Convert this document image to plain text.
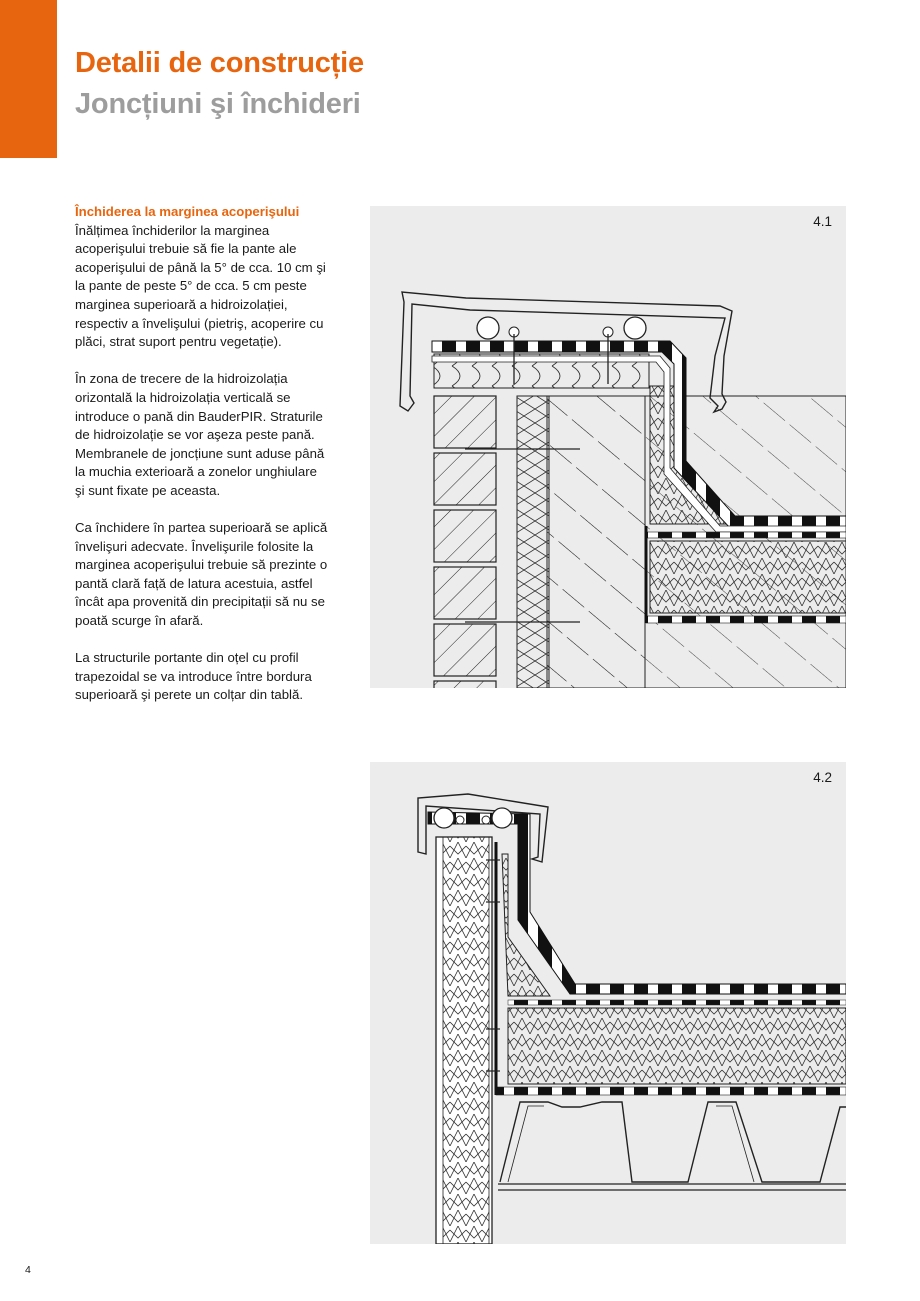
Detalii de construcție
Joncțiuni şi închideri

Închiderea la marginea acoperişului
Înălțimea închiderilor la marginea acoperişului trebuie să fie la pante ale acoperişului de până la 5° de cca. 10 cm şi la pante de peste 5° de cca. 5 cm peste marginea superioară a hidroizolației, respectiv a învelişului (pietriş, acoperire cu plăci, strat suport pentru vegetație).

În zona de trecere de la hidroizolația orizontală la hidroizolația verticală se introduce o pană din BauderPIR. Straturile de hidroizolație se vor aşeza peste pană. Membranele de joncțiune sunt aduse până la muchia exterioară a zonelor unghiulare şi sunt fixate pe aceasta.

Ca închidere în partea superioară se aplică învelişuri adecvate. Învelişurile folosite la marginea acoperişului trebuie să prezinte o pantă clară față de latura acestuia, astfel încât apa provenită din precipitații să nu se poată scurge în afară.

La structurile portante din oțel cu profil trapezoidal se va introduce între bordura superioară şi perete un colțar din tablă.

4.1
4.2
4
